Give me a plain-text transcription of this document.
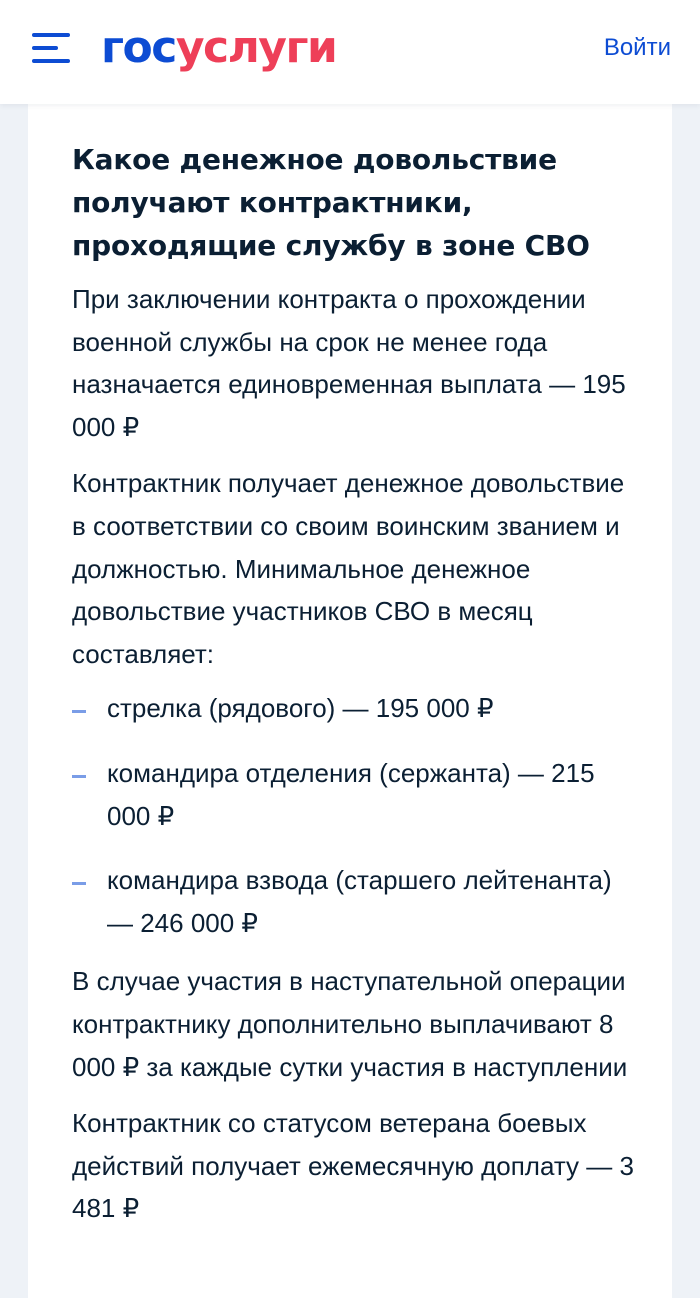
госуслуги	Войти
Какое денежное довольствие получают контрактники, проходящие службу в зоне СВО

При заключении контракта о прохождении военной службы на срок не менее года назначается единовременная выплата — 195 000 ₽

Контрактник получает денежное довольствие в соответствии со своим воинским званием и должностью. Минимальное денежное довольствие участников СВО в месяц составляет:

стрелка (рядового) — 195 000 ₽
командира отделения (сержанта) — 215 000 ₽
командира взвода (старшего лейтенанта) — 246 000 ₽

В случае участия в наступательной операции контрактнику дополнительно выплачивают 8 000 ₽ за каждые сутки участия в наступлении

Контрактник со статусом ветерана боевых действий получает ежемесячную доплату — 3 481 ₽
